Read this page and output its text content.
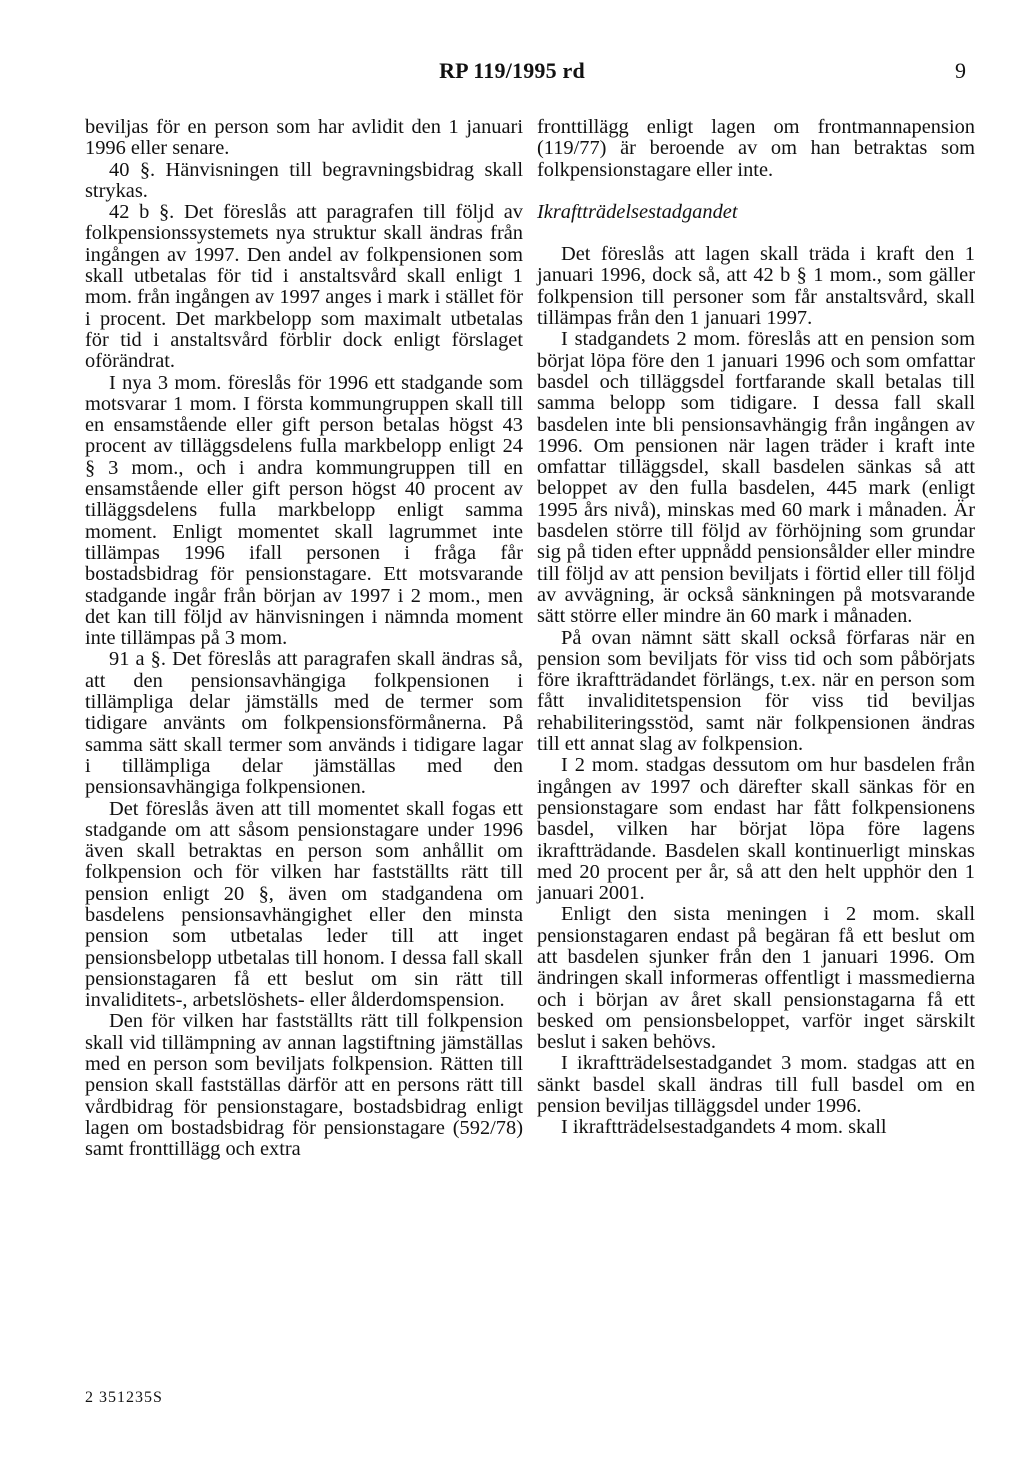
RP 119/1995 rd	9

beviljas för en person som har avlidit den 1 januari 1996 eller senare.

40 §. Hänvisningen till begravningsbidrag skall strykas.

42 b §. Det föreslås att paragrafen till följd av folkpensionssystemets nya struktur skall ändras från ingången av 1997. Den andel av folkpensionen som skall utbetalas för tid i anstaltsvård skall enligt 1 mom. från ingången av 1997 anges i mark i stället för i procent. Det markbelopp som maximalt utbetalas för tid i anstaltsvård förblir dock enligt förslaget oförändrat.

I nya 3 mom. föreslås för 1996 ett stadgande som motsvarar 1 mom. I första kommungruppen skall till en ensamstående eller gift person betalas högst 43 procent av tilläggsdelens fulla markbelopp enligt 24 § 3 mom., och i andra kommungruppen till en ensamstående eller gift person högst 40 procent av tilläggsdelens fulla markbelopp enligt samma moment. Enligt momentet skall lagrummet inte tillämpas 1996 ifall personen i fråga får bostadsbidrag för pensionstagare. Ett motsvarande stadgande ingår från början av 1997 i 2 mom., men det kan till följd av hänvisningen i nämnda moment inte tillämpas på 3 mom.

91 a §. Det föreslås att paragrafen skall ändras så, att den pensionsavhängiga folkpensionen i tillämpliga delar jämställs med de termer som tidigare använts om folkpensionsförmånerna. På samma sätt skall termer som används i tidigare lagar i tillämpliga delar jämställas med den pensionsavhängiga folkpensionen.

Det föreslås även att till momentet skall fogas ett stadgande om att såsom pensionstagare under 1996 även skall betraktas en person som anhållit om folkpension och för vilken har fastställts rätt till pension enligt 20 §, även om stadgandena om basdelens pensionsavhängighet eller den minsta pension som utbetalas leder till att inget pensionsbelopp utbetalas till honom. I dessa fall skall pensionstagaren få ett beslut om sin rätt till invaliditets-, arbetslöshets- eller ålderdomspension.

Den för vilken har fastställts rätt till folkpension skall vid tillämpning av annan lagstiftning jämställas med en person som beviljats folkpension. Rätten till pension skall fastställas därför att en persons rätt till vårdbidrag för pensionstagare, bostadsbidrag enligt lagen om bostadsbidrag för pensionstagare (592/78) samt fronttillägg och extra

fronttillägg enligt lagen om frontmannapension (119/77) är beroende av om han betraktas som folkpensionstagare eller inte.

Ikraftträdelsestadgandet

Det föreslås att lagen skall träda i kraft den 1 januari 1996, dock så, att 42 b § 1 mom., som gäller folkpension till personer som får anstaltsvård, skall tillämpas från den 1 januari 1997.

I stadgandets 2 mom. föreslås att en pension som börjat löpa före den 1 januari 1996 och som omfattar basdel och tilläggsdel fortfarande skall betalas till samma belopp som tidigare. I dessa fall skall basdelen inte bli pensionsavhängig från ingången av 1996. Om pensionen när lagen träder i kraft inte omfattar tilläggsdel, skall basdelen sänkas så att beloppet av den fulla basdelen, 445 mark (enligt 1995 års nivå), minskas med 60 mark i månaden. Är basdelen större till följd av förhöjning som grundar sig på tiden efter uppnådd pensionsålder eller mindre till följd av att pension beviljats i förtid eller till följd av avvägning, är också sänkningen på motsvarande sätt större eller mindre än 60 mark i månaden.

På ovan nämnt sätt skall också förfaras när en pension som beviljats för viss tid och som påbörjats före ikraftträdandet förlängs, t.ex. när en person som fått invaliditetspension för viss tid beviljas rehabiliteringsstöd, samt när folkpensionen ändras till ett annat slag av folkpension.

I 2 mom. stadgas dessutom om hur basdelen från ingången av 1997 och därefter skall sänkas för en pensionstagare som endast har fått folkpensionens basdel, vilken har börjat löpa före lagens ikraftträdande. Basdelen skall kontinuerligt minskas med 20 procent per år, så att den helt upphör den 1 januari 2001.

Enligt den sista meningen i 2 mom. skall pensionstagaren endast på begäran få ett beslut om att basdelen sjunker från den 1 januari 1996. Om ändringen skall informeras offentligt i massmedierna och i början av året skall pensionstagarna få ett besked om pensionsbeloppet, varför inget särskilt beslut i saken behövs.

I ikraftträdelsestadgandet 3 mom. stadgas att en sänkt basdel skall ändras till full basdel om en pension beviljas tilläggsdel under 1996.

I ikraftträdelsestadgandets 4 mom. skall

2 351235S
